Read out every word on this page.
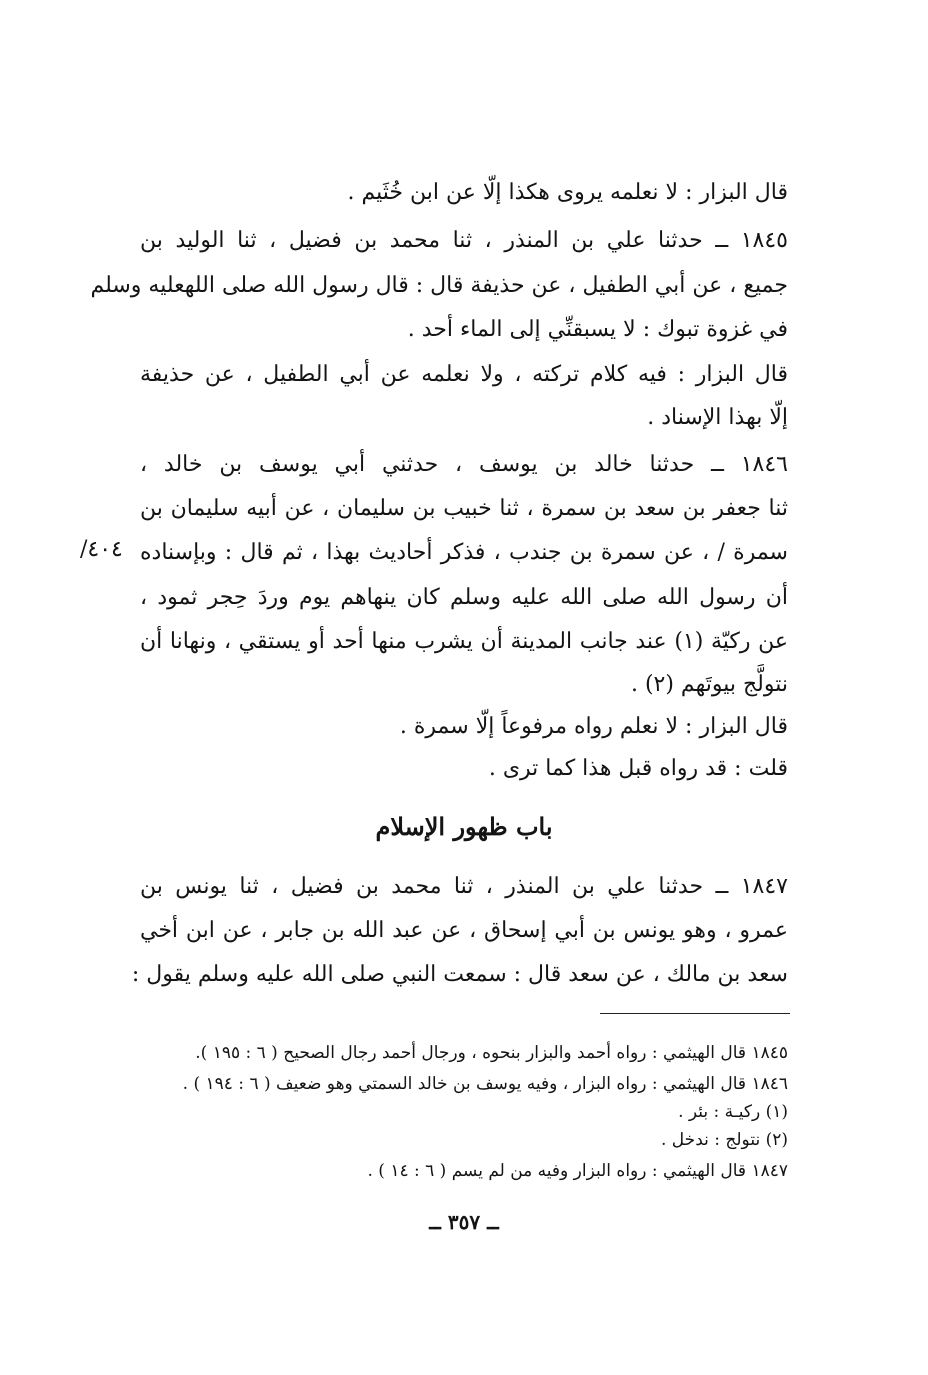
قال البزار : لا نعلمه يروى هكذا إلّا عن ابن خُثَيم .
١٨٤٥ ــ حدثنا علي بن المنذر ، ثنا محمد بن فضيل ، ثنا الوليد بن
جميع ، عن أبي الطفيل ، عن حذيفة قال : قال رسول الله صلى اللهعليه وسلم
في غزوة تبوك : لا يسبقنِّي إلى الماء أحد .
قال البزار : فيه كلام تركته ، ولا نعلمه عن أبي الطفيل ، عن حذيفة
إلّا بهذا الإسناد .
١٨٤٦ ــ حدثنا خالد بن يوسف ، حدثني أبي يوسف بن خالد ،
ثنا جعفر بن سعد بن سمرة ، ثنا خبيب بن سليمان ، عن أبيه سليمان بن
سمرة / ، عن سمرة بن جندب ، فذكر أحاديث بهذا ، ثم قال : وبإسناده
أن رسول الله صلى الله عليه وسلم كان ينهاهم يوم وردَ حِجر ثمود ،
عن ركيّة (١) عند جانب المدينة أن يشرب منها أحد أو يستقي ، ونهانا أن
نتولَّج بيوتَهم (٢) .
قال البزار : لا نعلم رواه مرفوعاً إلّا سمرة .
قلت : قد رواه قبل هذا كما ترى .
/٤٠٤
باب ظهور الإسلام
١٨٤٧ ــ حدثنا علي بن المنذر ، ثنا محمد بن فضيل ، ثنا يونس بن
عمرو ، وهو يونس بن أبي إسحاق ، عن عبد الله بن جابر ، عن ابن أخي
سعد بن مالك ، عن سعد قال : سمعت النبي صلى الله عليه وسلم يقول :
١٨٤٥ قال الهيثمي : رواه أحمد والبزار بنحوه ، ورجال أحمد رجال الصحيح ( ٦ : ١٩٥ ).
١٨٤٦ قال الهيثمي : رواه البزار ، وفيه يوسف بن خالد السمتي وهو ضعيف ( ٦ : ١٩٤ ) .
(١) ركيـة : بئر .
(٢) نتولج : ندخل .
١٨٤٧ قال الهيثمي : رواه البزار وفيه من لم يسم ( ٦ : ١٤ ) .
ــ ٣٥٧ ــ
